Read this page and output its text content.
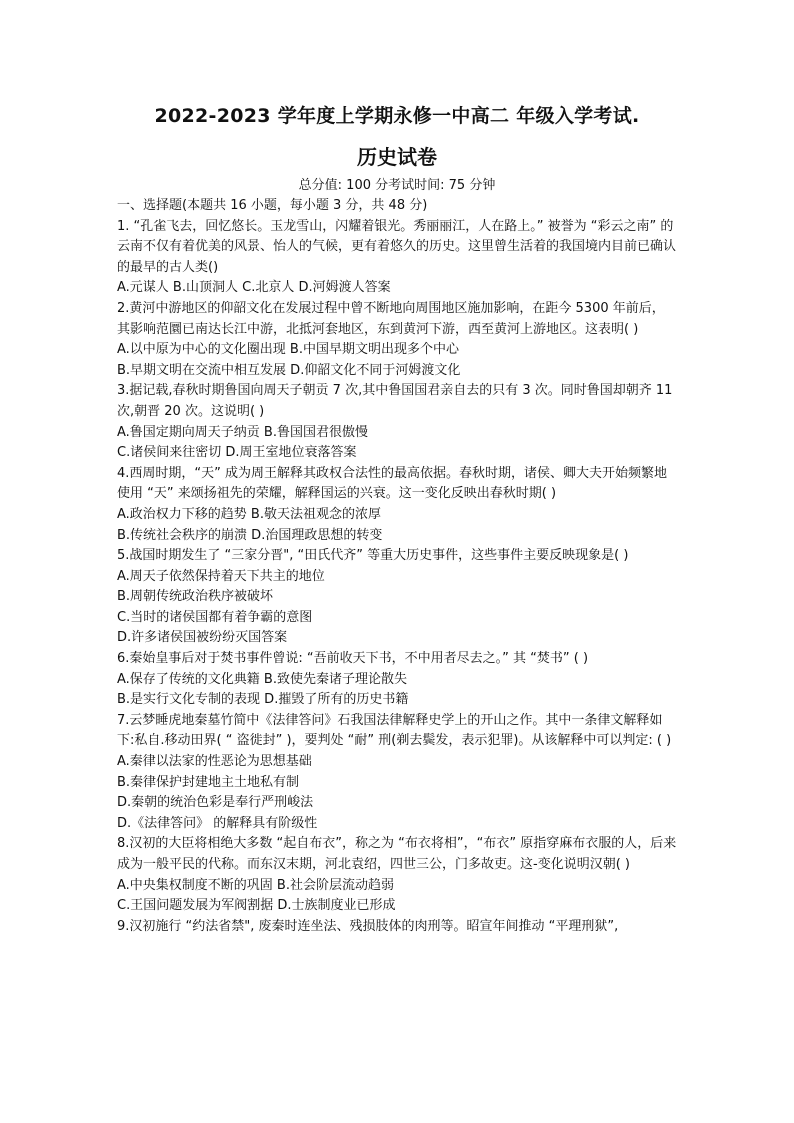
2022-2023 学年度上学期永修一中高二 年级入学考试.
历史试卷
总分值: 100 分考试时间: 75 分钟
一、选择题(本题共 16 小题，每小题 3 分，共 48 分)
1. “孔雀飞去，回忆悠长。玉龙雪山，闪耀着银光。秀丽丽江，人在路上。” 被誉为 “彩云之南” 的云南不仅有着优美的风景、怡人的气候，更有着悠久的历史。这里曾生活着的我国境内目前已确认的最早的古人类()
A.元谋人 B.山顶洞人 C.北京人 D.河姆渡人答案
2.黄河中游地区的仰韶文化在发展过程中曾不断地向周围地区施加影响，在距今 5300 年前后，其影响范圜已南达长江中游，北抵河套地区，东到黄河下游，西至黄河上游地区。这表明( )
A.以中原为中心的文化圈出现 B.中国早期文明出现多个中心
B.早期文明在交流中相互发展 D.仰韶文化不同于河姆渡文化
3.据记载,春秋时期鲁国向周天子朝贡 7 次,其中鲁国国君亲自去的只有 3 次。同时鲁国却朝齐 11 次,朝晋 20 次。这说明( )
A.鲁国定期向周天子纳贡 B.鲁国国君很傲慢
C.诸侯间来往密切 D.周王室地位衰落答案
4.西周时期，“天” 成为周王解释其政权合法性的最高依据。春秋时期，诸侯、卿大夫开始频繁地使用 “天” 来颂扬祖先的荣耀，解释国运的兴衰。这一变化反映出春秋时期( )
A.政治权力下移的趋势 B.敬天法祖观念的浓厚
B.传统社会秩序的崩溃 D.治国理政思想的转变
5.战国时期发生了 “三家分晋", “田氏代齐” 等重大历史事件，这些事件主要反映现象是( )
A.周天子依然保持着天下共主的地位
B.周朝传统政治秩序被破坏
C.当时的诸侯国都有着争霸的意图
D.许多诸侯国被纷纷灭国答案
6.秦始皇事后对于焚书事件曾说: “吾前收天下书，不中用者尽去之。” 其 “焚书” ( )
A.保存了传统的文化典籍 B.致使先秦诸子理论散失
B.是实行文化专制的表现 D.摧毁了所有的历史书籍
7.云梦睡虎地秦墓竹简中《法律答问》石我国法律解释史学上的开山之作。其中一条律文解释如下:私自.移动田界( “ 盗徙封” )，要判处 “耐” 刑(剃去鬓发，表示犯罪)。从该解释中可以判定: ( )
A.秦律以法家的性恶论为思想基础
B.秦律保护封建地主土地私有制
D.秦朝的统治色彩是奉行严刑峻法
D.《法律答问》 的解释具有阶级性
8.汉初的大臣将相绝大多数 “起自布衣”，称之为 “布衣将相”，“布衣” 原指穿麻布衣服的人，后来成为一般平民的代称。而东汉末期，河北袁绍，四世三公，门多故吏。这-变化说明汉朝( )
A.中央集权制度不断的巩固 B.社会阶层流动趋弱
C.王国问题发展为军阀割据 D.士族制度业已形成
9.汉初施行 “约法省禁", 废秦时连坐法、残损肢体的肉刑等。昭宣年间推动 “平理刑狱”,
